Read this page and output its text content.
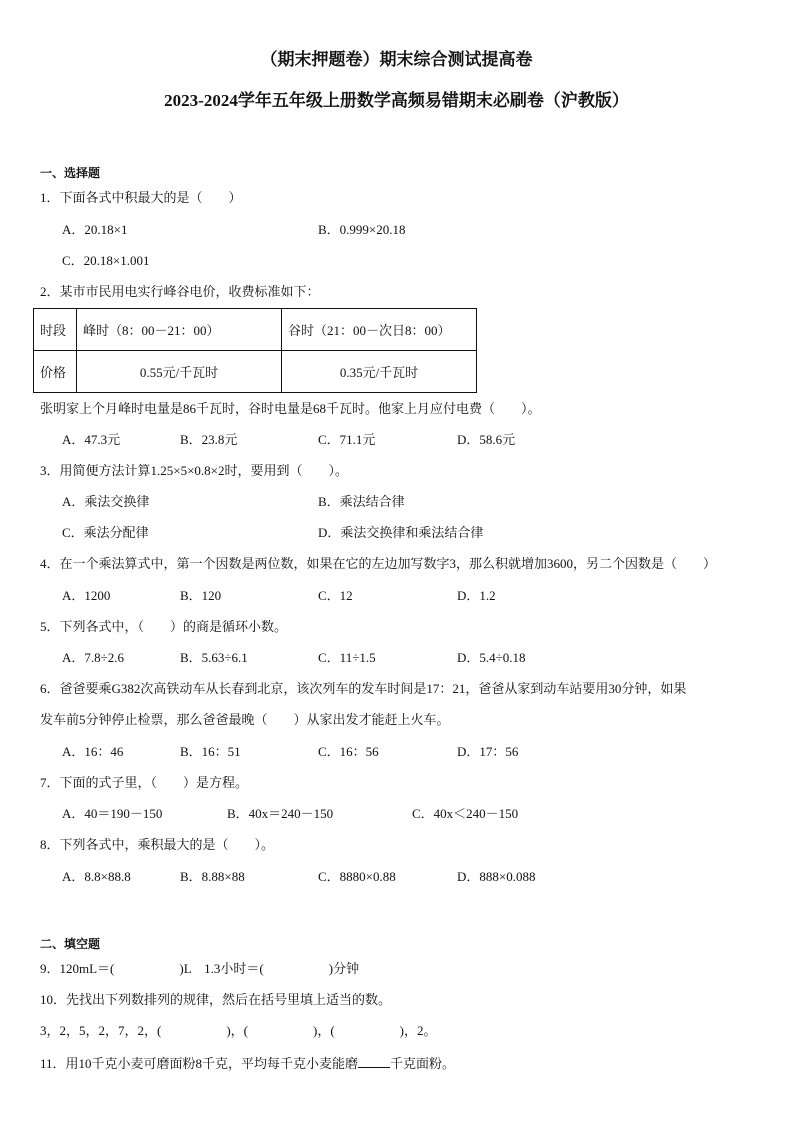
（期末押题卷）期末综合测试提高卷
2023-2024学年五年级上册数学高频易错期末必刷卷（沪教版）
一、选择题
1．下面各式中积最大的是（　　）
A．20.18×1	B．0.999×20.18
C．20.18×1.001
2．某市市民用电实行峰谷电价，收费标准如下：
时段	峰时（8：00－21：00）	谷时（21：00－次日8：00）
价格	0.55元/千瓦时	0.35元/千瓦时
张明家上个月峰时电量是86千瓦时，谷时电量是68千瓦时。他家上月应付电费（　　）。
A．47.3元	B．23.8元	C．71.1元	D．58.6元
3．用简便方法计算1.25×5×0.8×2时，要用到（　　）。
A．乘法交换律	B．乘法结合律
C．乘法分配律	D．乘法交换律和乘法结合律
4．在一个乘法算式中，第一个因数是两位数，如果在它的左边加写数字3，那么积就增加3600，另二个因数是（　　）
A．1200	B．120	C．12	D．1.2
5．下列各式中，（　　）的商是循环小数。
A．7.8÷2.6	B．5.63÷6.1	C．11÷1.5	D．5.4÷0.18
6．爸爸要乘G382次高铁动车从长春到北京，该次列车的发车时间是17：21，爸爸从家到动车站要用30分钟，如果
发车前5分钟停止检票，那么爸爸最晚（　　）从家出发才能赶上火车。
A．16：46	B．16：51	C．16：56	D．17：56
7．下面的式子里，（　　）是方程。
A．40＝190－150	B．40x＝240－150	C．40x＜240－150
8．下列各式中，乘积最大的是（　　）。
A．8.8×88.8	B．8.88×88	C．8880×0.88	D．888×0.088
二、填空题
9．120mL＝(　　　　　)L　1.3小时＝(　　　　　)分钟
10．先找出下列数排列的规律，然后在括号里填上适当的数。
3，2，5，2，7，2，(　　　　　)，(　　　　　)，(　　　　　)，2。
11．用10千克小麦可磨面粉8千克，平均每千克小麦能磨 千克面粉。
